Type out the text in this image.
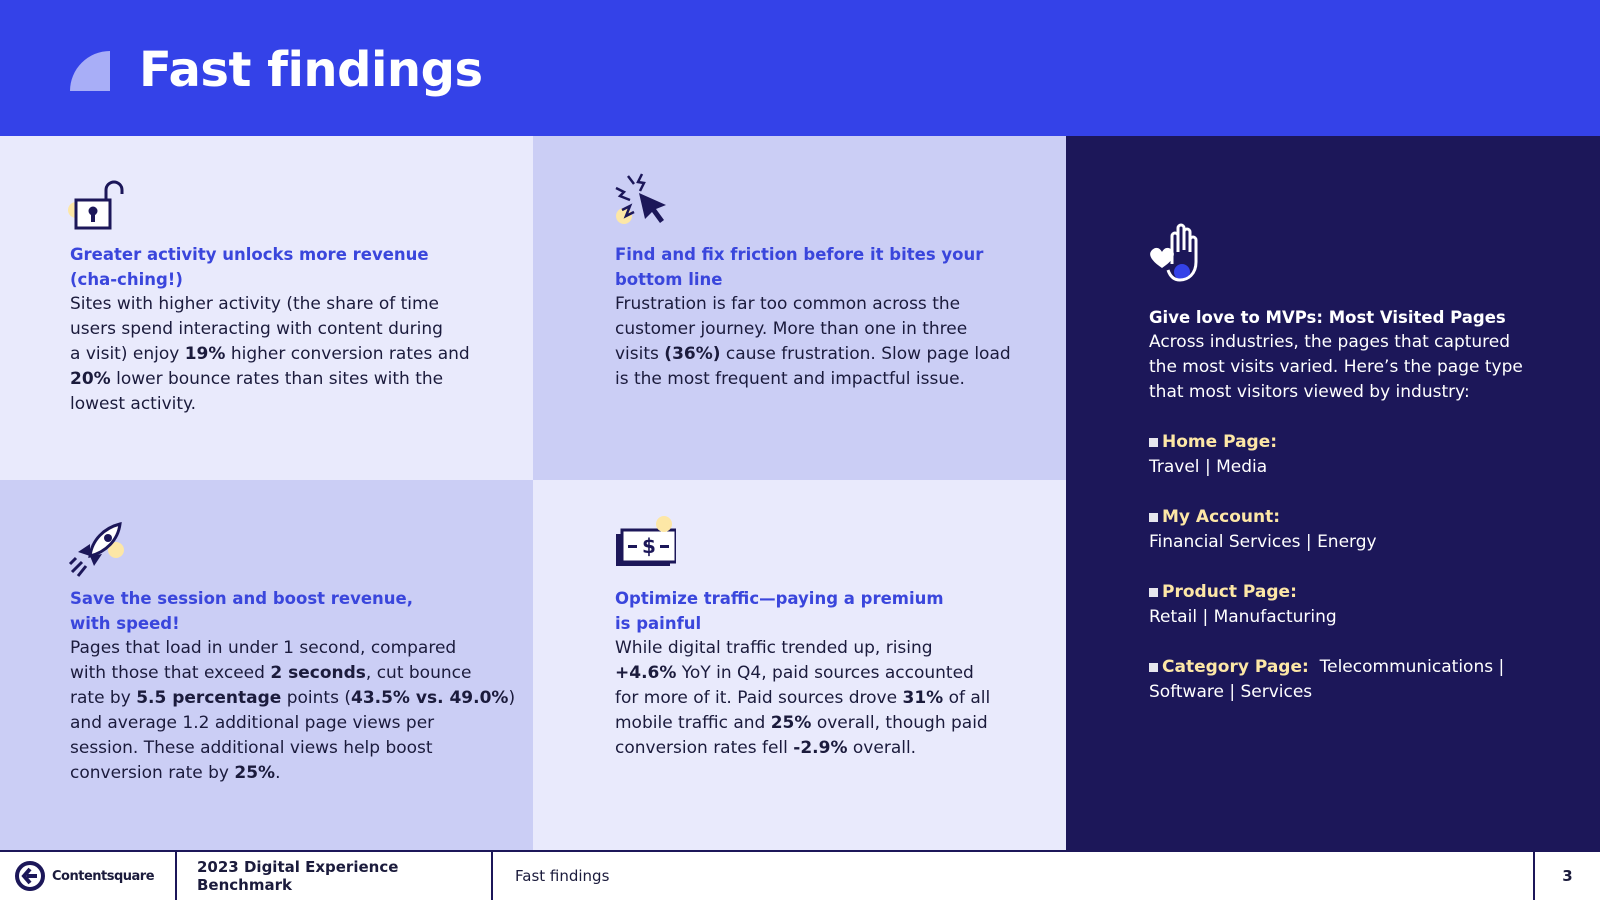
Fast findings
$
Greater activity unlocks more revenue
(cha-ching!)
Sites with higher activity (the share of time
users spend interacting with content during
a visit) enjoy 19% higher conversion rates and
20% lower bounce rates than sites with the
lowest activity.
Find and fix friction before it bites your
bottom line
Frustration is far too common across the
customer journey. More than one in three
visits (36%) cause frustration. Slow page load
is the most frequent and impactful issue.
Save the session and boost revenue,
with speed!
Pages that load in under 1 second, compared
with those that exceed 2 seconds, cut bounce
rate by 5.5 percentage points (43.5% vs. 49.0%)
and average 1.2 additional page views per
session. These additional views help boost
conversion rate by 25%.
Optimize traffic—paying a premium
is painful
While digital traffic trended up, rising
+4.6% YoY in Q4, paid sources accounted
for more of it. Paid sources drove 31% of all
mobile traffic and 25% overall, though paid
conversion rates fell -2.9% overall.
Give love to MVPs: Most Visited Pages
Across industries, the pages that captured the most visits varied. Here’s the page type that most visitors viewed by industry:
Home Page:
Travel | Media
My Account:
Financial Services | Energy
Product Page:
Retail | Manufacturing
Category Page: Telecommunications | Software | Services
Contentsquare	2023 Digital Experience Benchmark	Fast findings	3
